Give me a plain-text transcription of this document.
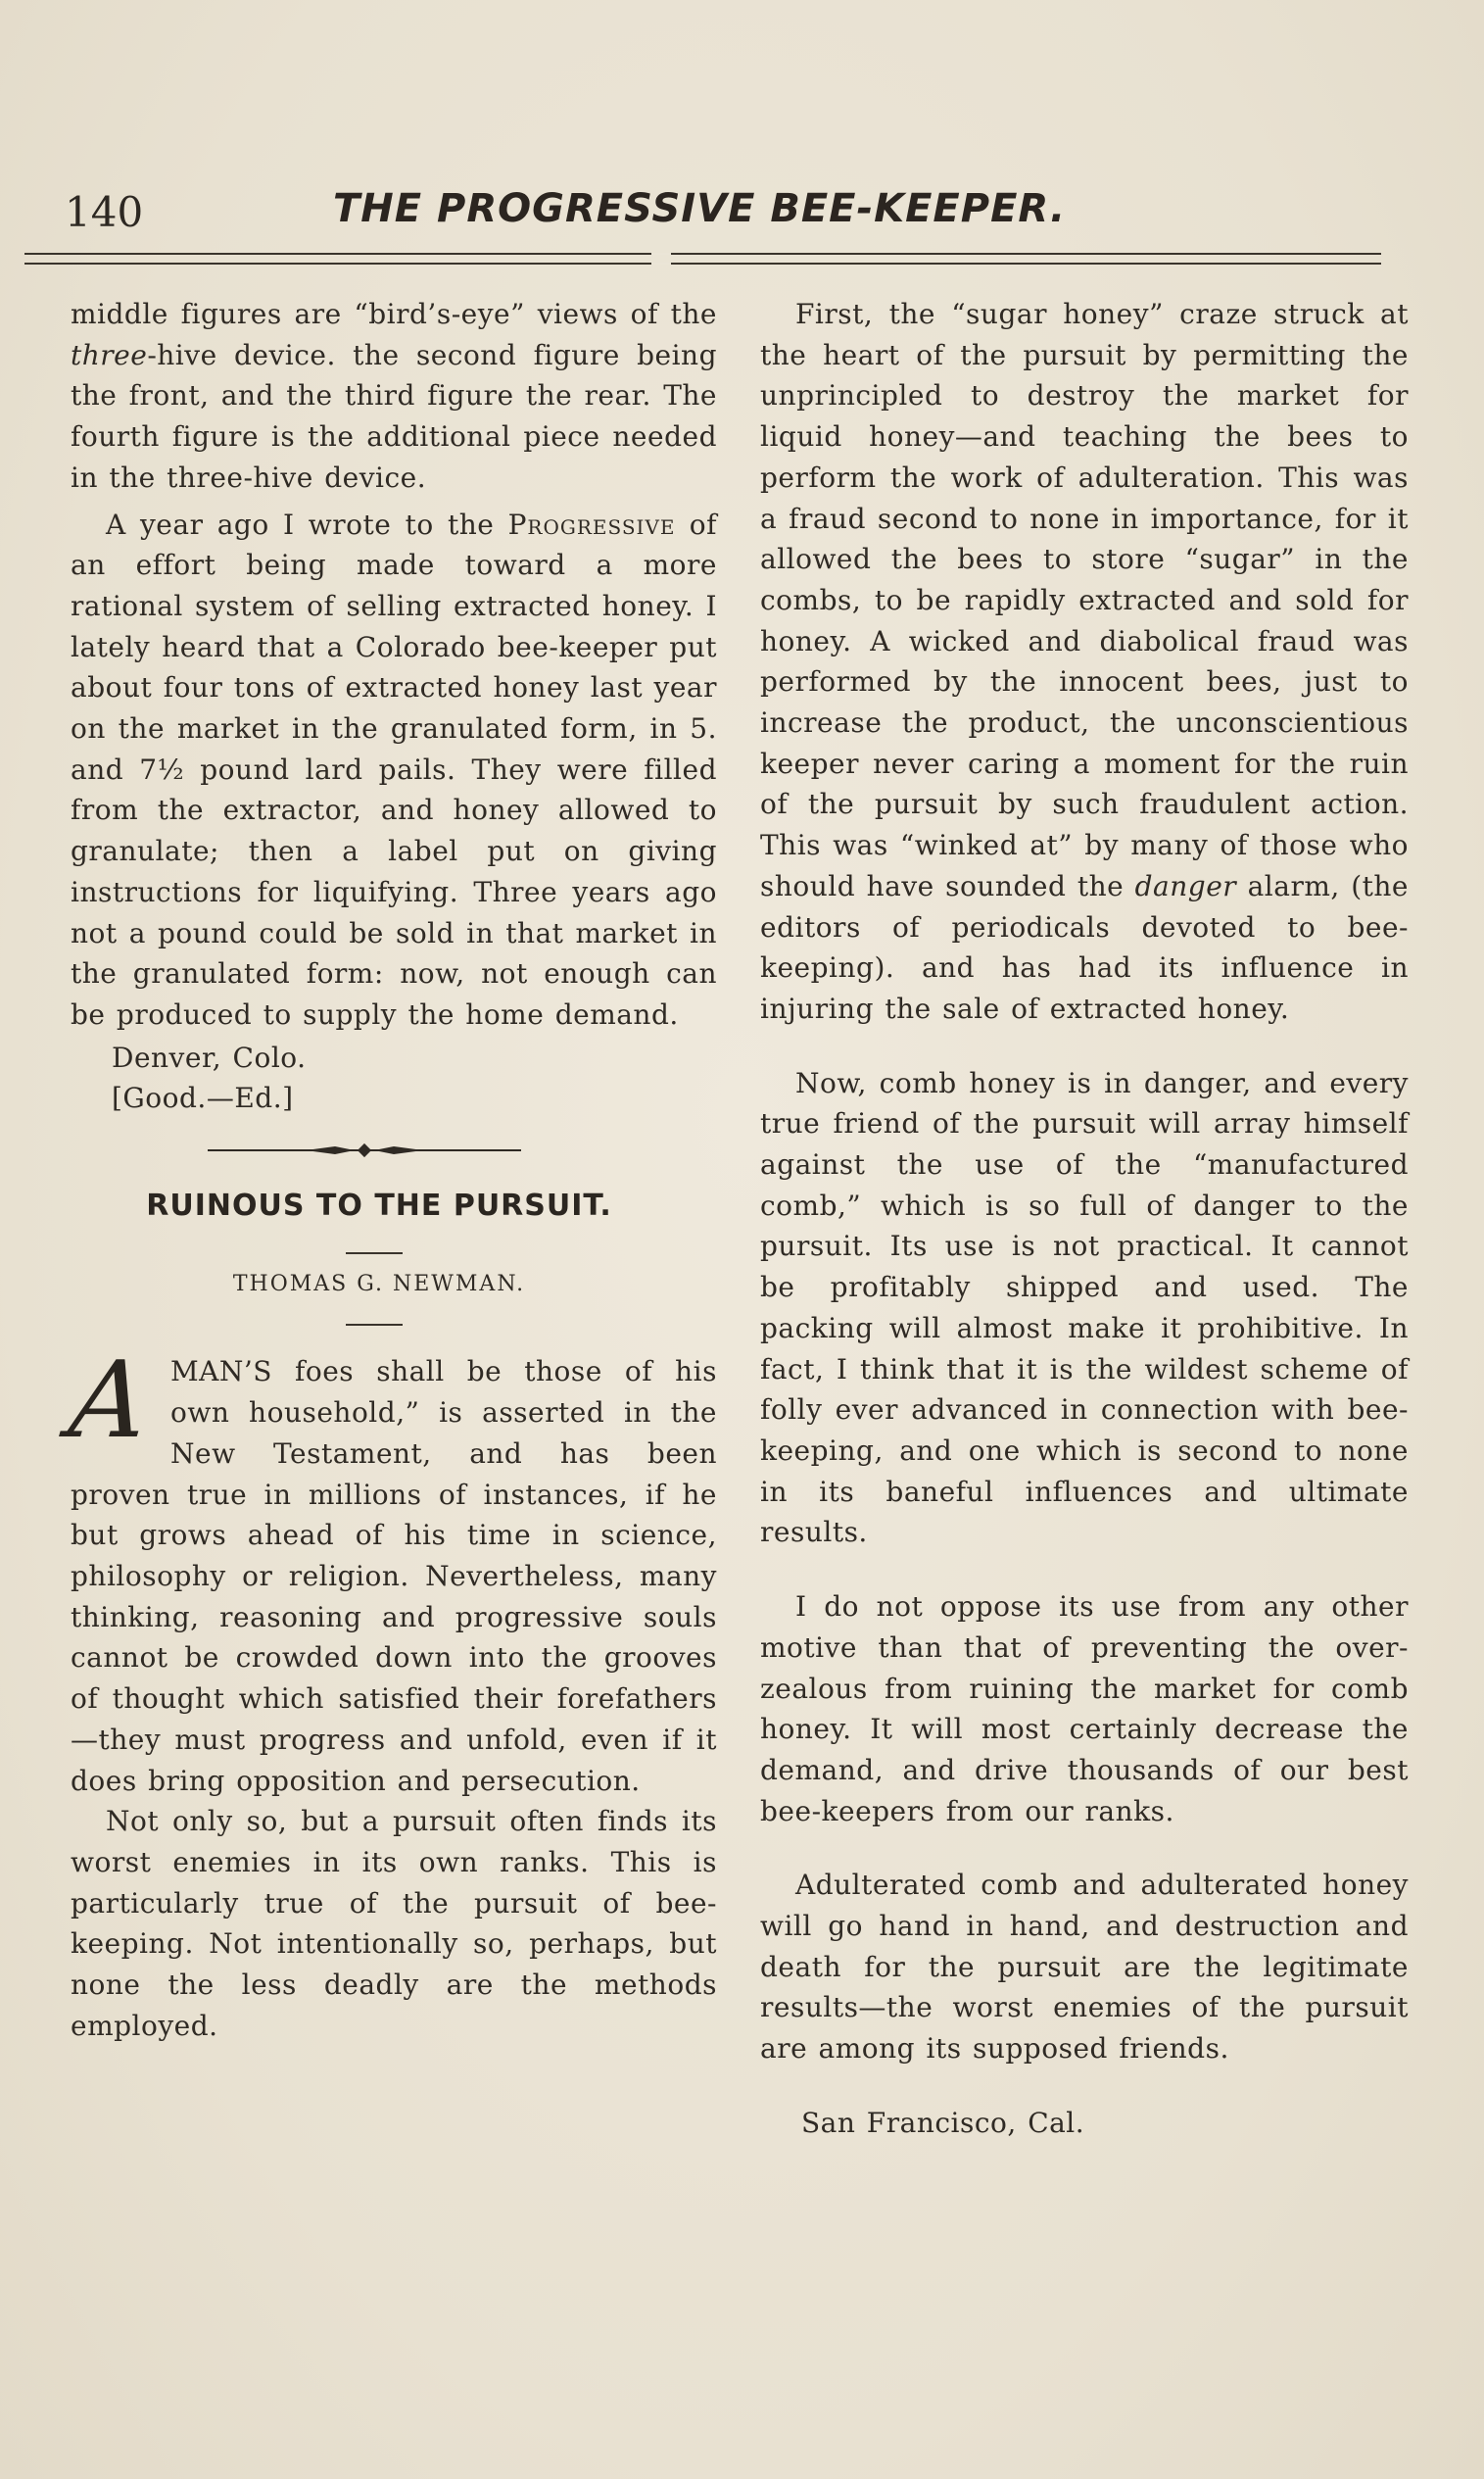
140	THE PROGRESSIVE BEE-KEEPER.

middle figures are “bird’s-eye” views of the three-hive device. the second figure being the front, and the third figure the rear. The fourth figure is the additional piece needed in the three-hive device.

A year ago I wrote to the Progressive of an effort being made toward a more rational system of selling extracted honey. I lately heard that a Colorado bee-keeper put about four tons of extracted honey last year on the market in the granulated form, in 5. and 7½ pound lard pails. They were filled from the extractor, and honey allowed to granulate; then a label put on giving instructions for liquifying. Three years ago not a pound could be sold in that market in the granulated form: now, not enough can be produced to supply the home demand.

Denver, Colo.

[Good.—Ed.]

RUINOUS TO THE PURSUIT.
THOMAS G. NEWMAN.

A MAN’S foes shall be those of his own household,” is asserted in the New Testament, and has been proven true in millions of instances, if he but grows ahead of his time in science, philosophy or religion. Nevertheless, many thinking, reasoning and progressive souls cannot be crowded down into the grooves of thought which satisfied their forefathers—they must progress and unfold, even if it does bring opposition and persecution.

Not only so, but a pursuit often finds its worst enemies in its own ranks. This is particularly true of the pursuit of bee-keeping. Not intentionally so, perhaps, but none the less deadly are the methods employed.

First, the “sugar honey” craze struck at the heart of the pursuit by permitting the unprincipled to destroy the market for liquid honey—and teaching the bees to perform the work of adulteration. This was a fraud second to none in importance, for it allowed the bees to store “sugar” in the combs, to be rapidly extracted and sold for honey. A wicked and diabolical fraud was performed by the innocent bees, just to increase the product, the unconscientious keeper never caring a moment for the ruin of the pursuit by such fraudulent action. This was “winked at” by many of those who should have sounded the danger alarm, (the editors of periodicals devoted to bee-keeping). and has had its influence in injuring the sale of extracted honey.

Now, comb honey is in danger, and every true friend of the pursuit will array himself against the use of the “manufactured comb,” which is so full of danger to the pursuit. Its use is not practical. It cannot be profitably shipped and used. The packing will almost make it prohibitive. In fact, I think that it is the wildest scheme of folly ever advanced in connection with bee-keeping, and one which is second to none in its baneful influences and ultimate results.

I do not oppose its use from any other motive than that of preventing the over-zealous from ruining the market for comb honey. It will most certainly decrease the demand, and drive thousands of our best bee-keepers from our ranks.

Adulterated comb and adulterated honey will go hand in hand, and destruction and death for the pursuit are the legitimate results—the worst enemies of the pursuit are among its supposed friends.

San Francisco, Cal.
